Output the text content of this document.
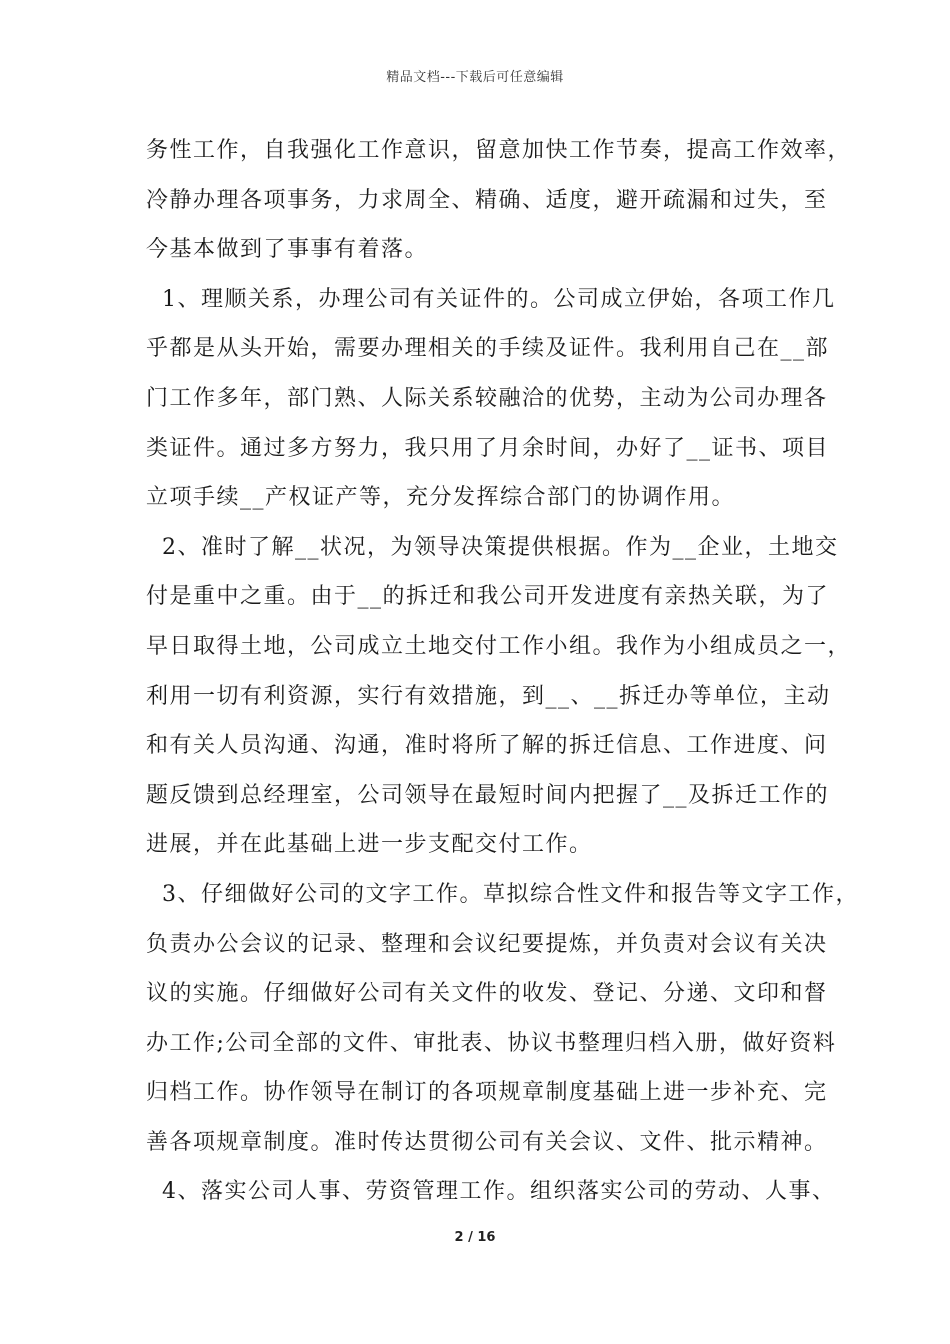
精品文档---下载后可任意编辑
务性工作，自我强化工作意识，留意加快工作节奏，提高工作效率，
冷静办理各项事务，力求周全、精确、适度，避开疏漏和过失，至
今基本做到了事事有着落。
1、理顺关系，办理公司有关证件的。公司成立伊始，各项工作几
乎都是从头开始，需要办理相关的手续及证件。我利用自己在__部
门工作多年，部门熟、人际关系较融洽的优势，主动为公司办理各
类证件。通过多方努力，我只用了月余时间，办好了__证书、项目
立项手续__产权证产等，充分发挥综合部门的协调作用。
2、准时了解__状况，为领导决策提供根据。作为__企业，土地交
付是重中之重。由于__的拆迁和我公司开发进度有亲热关联，为了
早日取得土地，公司成立土地交付工作小组。我作为小组成员之一，
利用一切有利资源，实行有效措施，到__、__拆迁办等单位，主动
和有关人员沟通、沟通，准时将所了解的拆迁信息、工作进度、问
题反馈到总经理室，公司领导在最短时间内把握了__及拆迁工作的
进展，并在此基础上进一步支配交付工作。
3、仔细做好公司的文字工作。草拟综合性文件和报告等文字工作，
负责办公会议的记录、整理和会议纪要提炼，并负责对会议有关决
议的实施。仔细做好公司有关文件的收发、登记、分递、文印和督
办工作;公司全部的文件、审批表、协议书整理归档入册，做好资料
归档工作。协作领导在制订的各项规章制度基础上进一步补充、完
善各项规章制度。准时传达贯彻公司有关会议、文件、批示精神。
4、落实公司人事、劳资管理工作。组织落实公司的劳动、人事、
2 / 16
